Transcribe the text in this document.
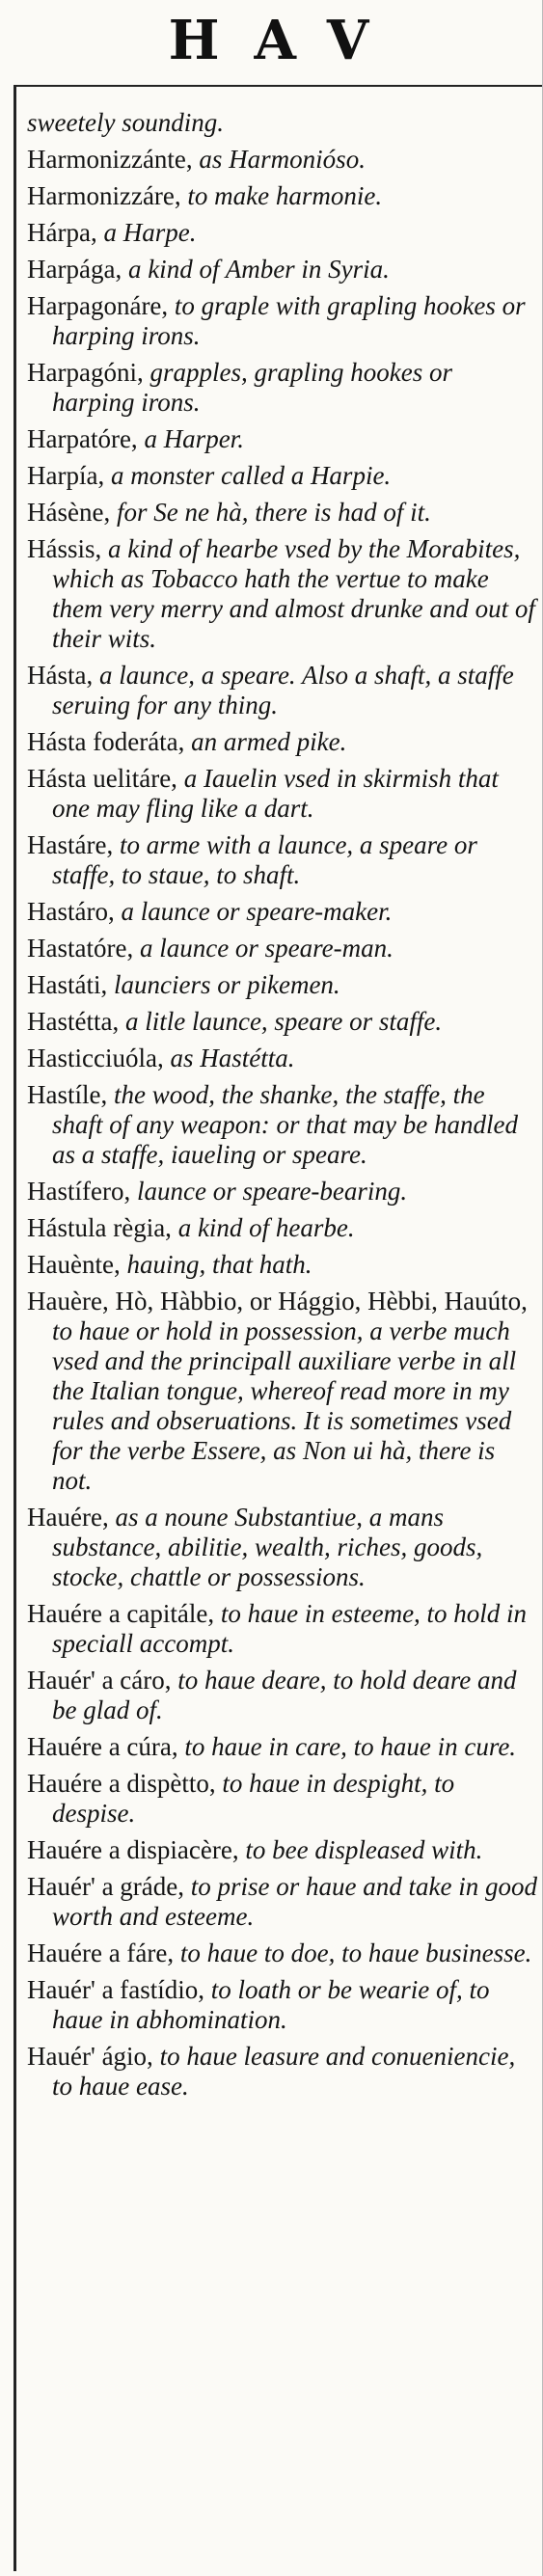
HAV
sweetely sounding.
Harmonizzánte, as Harmonióso.
Harmonizzáre, to make harmonie.
Hárpa, a Harpe.
Harpága, a kind of Amber in Syria.
Harpagonáre, to graple with grapling hookes or harping irons.
Harpagóni, grapples, grapling hookes or harping irons.
Harpatóre, a Harper.
Harpía, a monster called a Harpie.
Hásène, for Se ne hà, there is had of it.
Hássis, a kind of hearbe vsed by the Morabites, which as Tobacco hath the vertue to make them very merry and almost drunke and out of their wits.
Hásta, a launce, a speare. Also a shaft, a staffe seruing for any thing.
Hásta foderáta, an armed pike.
Hásta uelitáre, a Iauelin vsed in skirmish that one may fling like a dart.
Hastáre, to arme with a launce, a speare or staffe, to staue, to shaft.
Hastáro, a launce or speare-maker.
Hastatóre, a launce or speare-man.
Hastáti, launciers or pikemen.
Hastétta, a litle launce, speare or staffe.
Hasticciuóla, as Hastétta.
Hastíle, the wood, the shanke, the staffe, the shaft of any weapon: or that may be handled as a staffe, iaueling or speare.
Hastífero, launce or speare-bearing.
Hástula règia, a kind of hearbe.
Hauènte, hauing, that hath.
Hauère, Hò, Hàbbio, or Hággio, Hèbbi, Hauúto, to haue or hold in possession, a verbe much vsed and the principall auxiliare verbe in all the Italian tongue, whereof read more in my rules and obseruations. It is sometimes vsed for the verbe Essere, as Non ui hà, there is not.
Hauére, as a noune Substantiue, a mans substance, abilitie, wealth, riches, goods, stocke, chattle or possessions.
Hauére a capitále, to haue in esteeme, to hold in speciall accompt.
Hauér' a cáro, to haue deare, to hold deare and be glad of.
Hauére a cúra, to haue in care, to haue in cure.
Hauére a dispètto, to haue in despight, to despise.
Hauére a dispiacère, to bee displeased with.
Hauér' a gráde, to prise or haue and take in good worth and esteeme.
Hauére a fáre, to haue to doe, to haue businesse.
Hauér' a fastídio, to loath or be wearie of, to haue in abhomination.
Hauér' ágio, to haue leasure and conueniencie, to haue ease.
